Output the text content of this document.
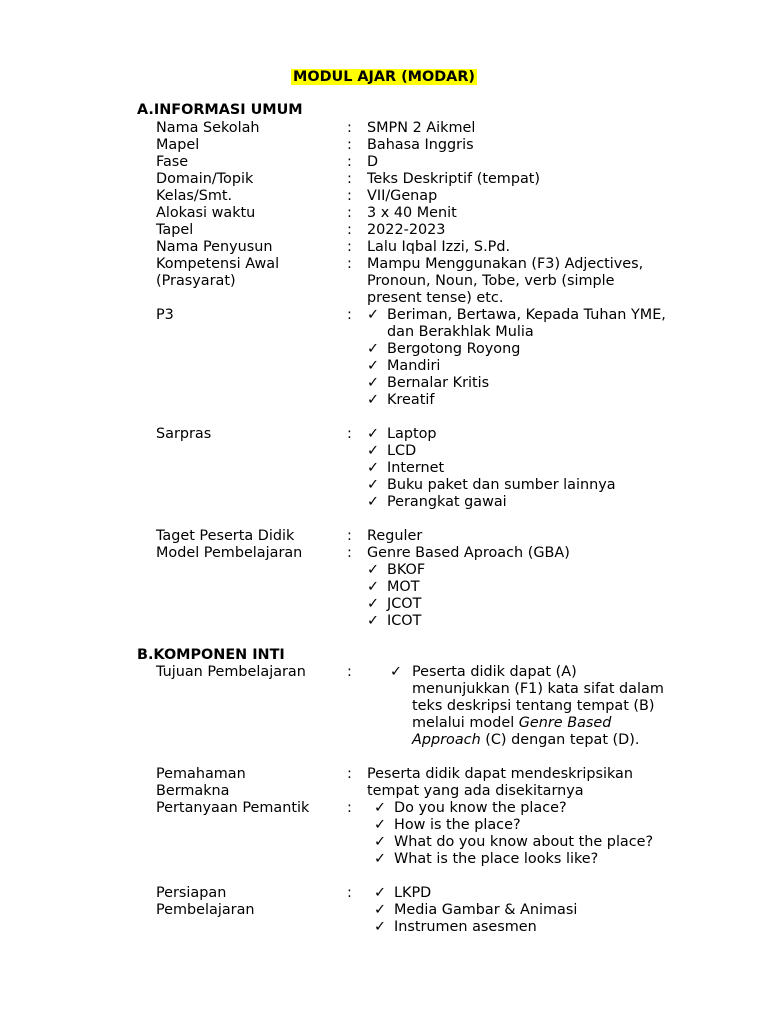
MODUL AJAR (MODAR)
A.INFORMASI UMUM
Nama Sekolah	: SMPN 2 Aikmel
Mapel	: Bahasa Inggris
Fase	: D
Domain/Topik	: Teks Deskriptif (tempat)
Kelas/Smt.	: VII/Genap
Alokasi waktu	: 3 x 40 Menit
Tapel	: 2022-2023
Nama Penyusun	: Lalu Iqbal Izzi, S.Pd.
Kompetensi Awal	: Mampu Menggunakan (F3) Adjectives,
(Prasyarat)	Pronoun, Noun, Tobe, verb (simple
present tense) etc.
P3	: ✓ Beriman, Bertawa, Kepada Tuhan YME,
dan Berakhlak Mulia
✓ Bergotong Royong
✓ Mandiri
✓ Bernalar Kritis
✓ Kreatif
Sarpras	: ✓ Laptop
✓ LCD
✓ Internet
✓ Buku paket dan sumber lainnya
✓ Perangkat gawai
Taget Peserta Didik	: Reguler
Model Pembelajaran	: Genre Based Aproach (GBA)
✓ BKOF
✓ MOT
✓ JCOT
✓ ICOT
B.KOMPONEN INTI
Tujuan Pembelajaran	:	✓ Peserta didik dapat (A)
menunjukkan (F1) kata sifat dalam
teks deskripsi tentang tempat (B)
melalui model Genre Based
Approach (C) dengan tepat (D).
Pemahaman	: Peserta didik dapat mendeskripsikan
Bermakna	tempat yang ada disekitarnya
Pertanyaan Pemantik	: ✓ Do you know the place?
✓ How is the place?
✓ What do you know about the place?
✓ What is the place looks like?
Persiapan	: ✓ LKPD
Pembelajaran	✓ Media Gambar & Animasi
✓ Instrumen asesmen
